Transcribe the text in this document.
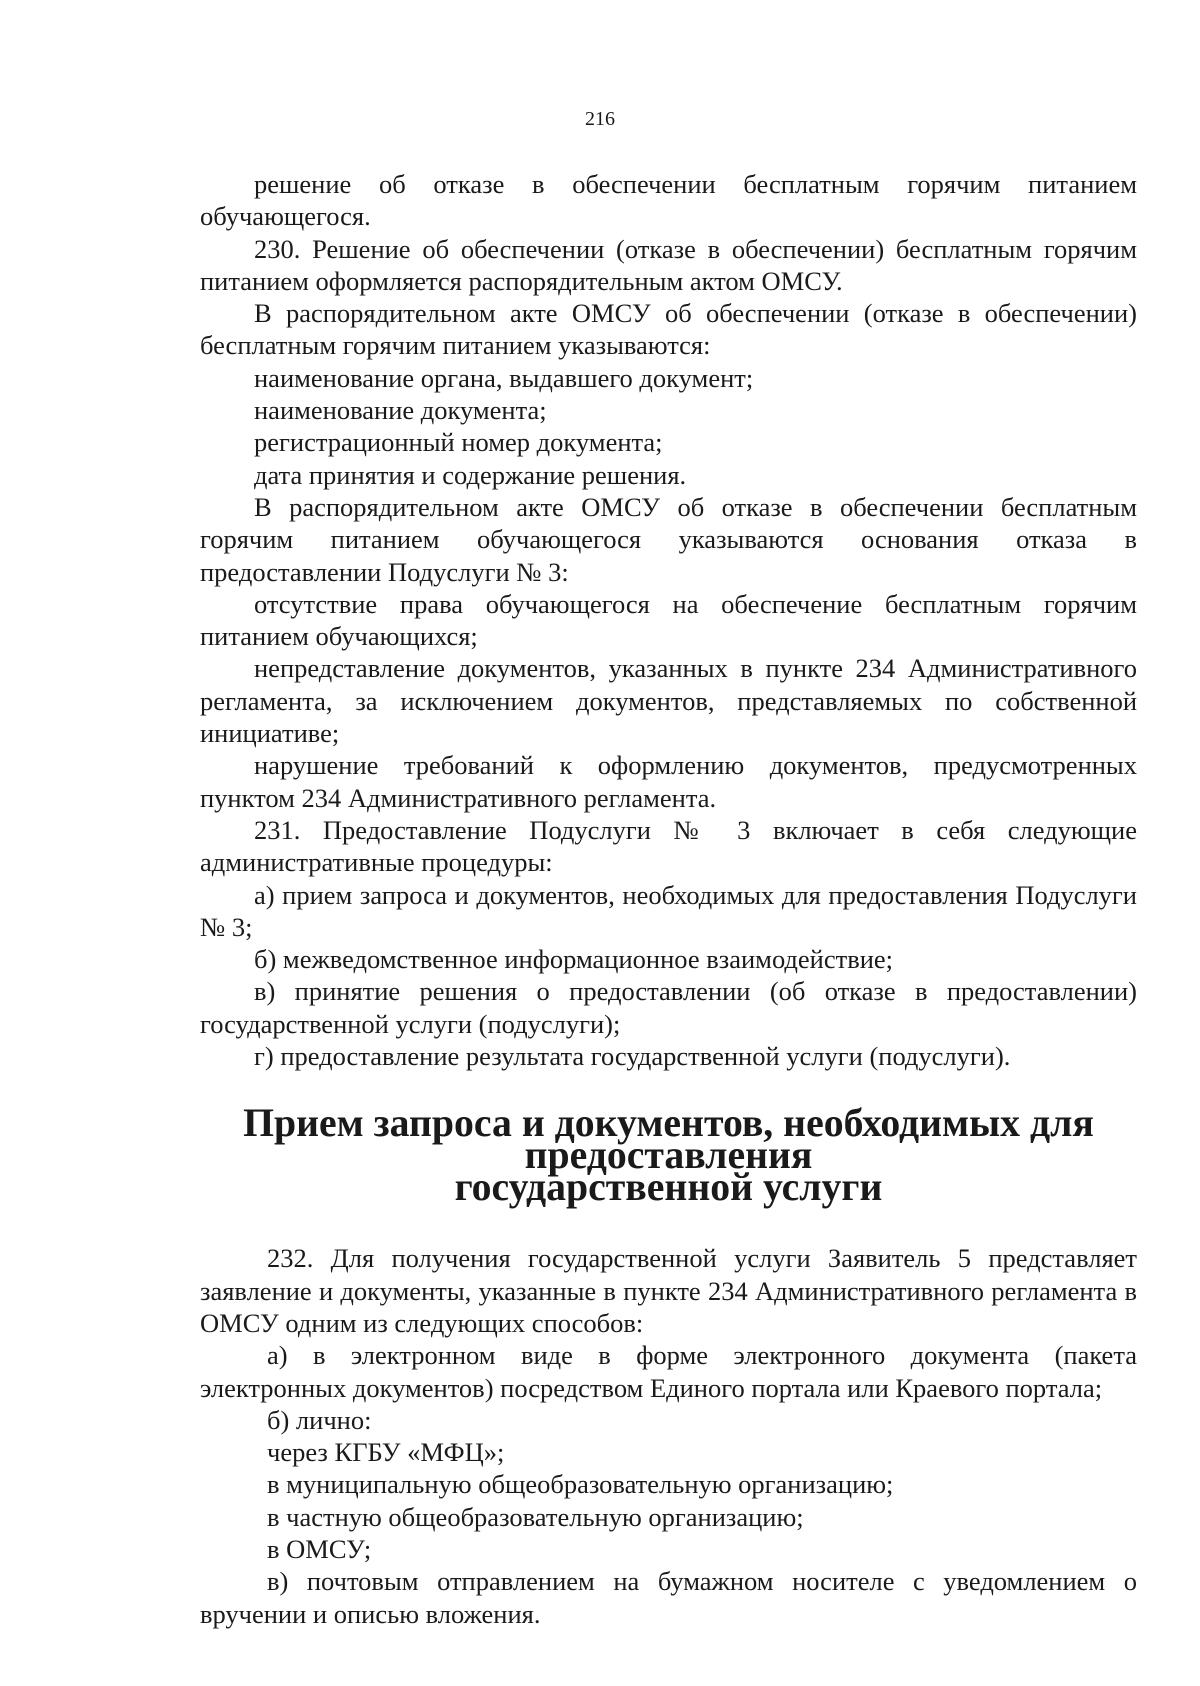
216

решение об отказе в обеспечении бесплатным горячим питанием обучающегося.

230. Решение об обеспечении (отказе в обеспечении) бесплатным горячим питанием оформляется распорядительным актом ОМСУ.

В распорядительном акте ОМСУ об обеспечении (отказе в обеспечении) бесплатным горячим питанием указываются:

наименование органа, выдавшего документ;

наименование документа;

регистрационный номер документа;

дата принятия и содержание решения.

В распорядительном акте ОМСУ об отказе в обеспечении бесплатным горячим питанием обучающегося указываются основания отказа в предоставлении Подуслуги № 3:

отсутствие права обучающегося на обеспечение бесплатным горячим питанием обучающихся;

непредставление документов, указанных в пункте 234 Административного регламента, за исключением документов, представляемых по собственной инициативе;

нарушение требований к оформлению документов, предусмотренных пунктом 234 Административного регламента.

231. Предоставление Подуслуги № 3 включает в себя следующие административные процедуры:

а) прием запроса и документов, необходимых для предоставления Подуслуги № 3;

б) межведомственное информационное взаимодействие;

в) принятие решения о предоставлении (об отказе в предоставлении) государственной услуги (подуслуги);

г) предоставление результата государственной услуги (подуслуги).

Прием запроса и документов, необходимых для предоставления
государственной услуги

232. Для получения государственной услуги Заявитель 5 представляет заявление и документы, указанные в пункте 234 Административного регламента в ОМСУ одним из следующих способов:

а) в электронном виде в форме электронного документа (пакета электронных документов) посредством Единого портала или Краевого портала;

б) лично:

через КГБУ «МФЦ»;

в муниципальную общеобразовательную организацию;

в частную общеобразовательную организацию;

в ОМСУ;

в) почтовым отправлением на бумажном носителе с уведомлением о вручении и описью вложения.
